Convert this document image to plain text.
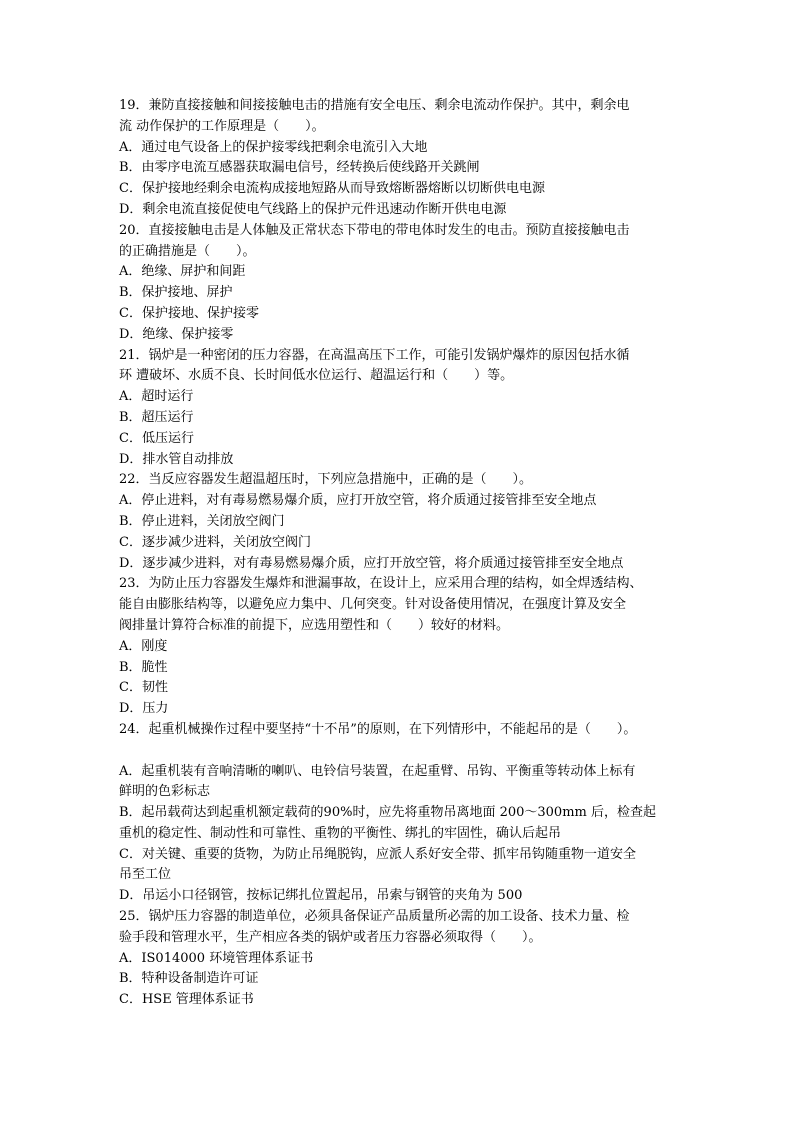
19．兼防直接接触和间接接触电击的措施有安全电压、剩余电流动作保护。其中，剩余电
流 动作保护的工作原理是（　　）。
A．通过电气设备上的保护接零线把剩余电流引入大地
B．由零序电流互感器获取漏电信号，经转换后使线路开关跳闸
C．保护接地经剩余电流构成接地短路从而导致熔断器熔断以切断供电电源
D．剩余电流直接促使电气线路上的保护元件迅速动作断开供电电源
20．直接接触电击是人体触及正常状态下带电的带电体时发生的电击。预防直接接触电击
的正确措施是（　　）。
A．绝缘、屏护和间距
B．保护接地、屏护
C．保护接地、保护接零
D．绝缘、保护接零
21．锅炉是一种密闭的压力容器，在高温高压下工作，可能引发锅炉爆炸的原因包括水循
环 遭破坏、水质不良、长时间低水位运行、超温运行和（　　）等。
A．超时运行
B．超压运行
C．低压运行
D．排水管自动排放
22．当反应容器发生超温超压时，下列应急措施中，正确的是（　　）。
A．停止进料，对有毒易燃易爆介质，应打开放空管，将介质通过接管排至安全地点
B．停止进料，关闭放空阀门
C．逐步减少进料，关闭放空阀门
D．逐步减少进料，对有毒易燃易爆介质，应打开放空管，将介质通过接管排至安全地点
23．为防止压力容器发生爆炸和泄漏事故，在设计上，应采用合理的结构，如全焊透结构、
能自由膨胀结构等，以避免应力集中、几何突变。针对设备使用情况，在强度计算及安全
阀排量计算符合标准的前提下，应选用塑性和（　　）较好的材料。
A．刚度
B．脆性
C．韧性
D．压力
24．起重机械操作过程中要坚持“十不吊”的原则，在下列情形中，不能起吊的是（　　）。
A．起重机装有音响清晰的喇叭、电铃信号装置，在起重臂、吊钩、平衡重等转动体上标有
鲜明的色彩标志
B．起吊载荷达到起重机额定载荷的90%时，应先将重物吊离地面 200～300mm 后，检查起
重机的稳定性、制动性和可靠性、重物的平衡性、绑扎的牢固性，确认后起吊
C．对关键、重要的货物，为防止吊绳脱钩，应派人系好安全带、抓牢吊钩随重物一道安全
吊至工位
D．吊运小口径钢管，按标记绑扎位置起吊，吊索与钢管的夹角为 500
25．锅炉压力容器的制造单位，必须具备保证产品质量所必需的加工设备、技术力量、检
验手段和管理水平，生产相应各类的锅炉或者压力容器必须取得（　　）。
A．IS014000 环境管理体系证书
B．特种设备制造许可证
C．HSE 管理体系证书
